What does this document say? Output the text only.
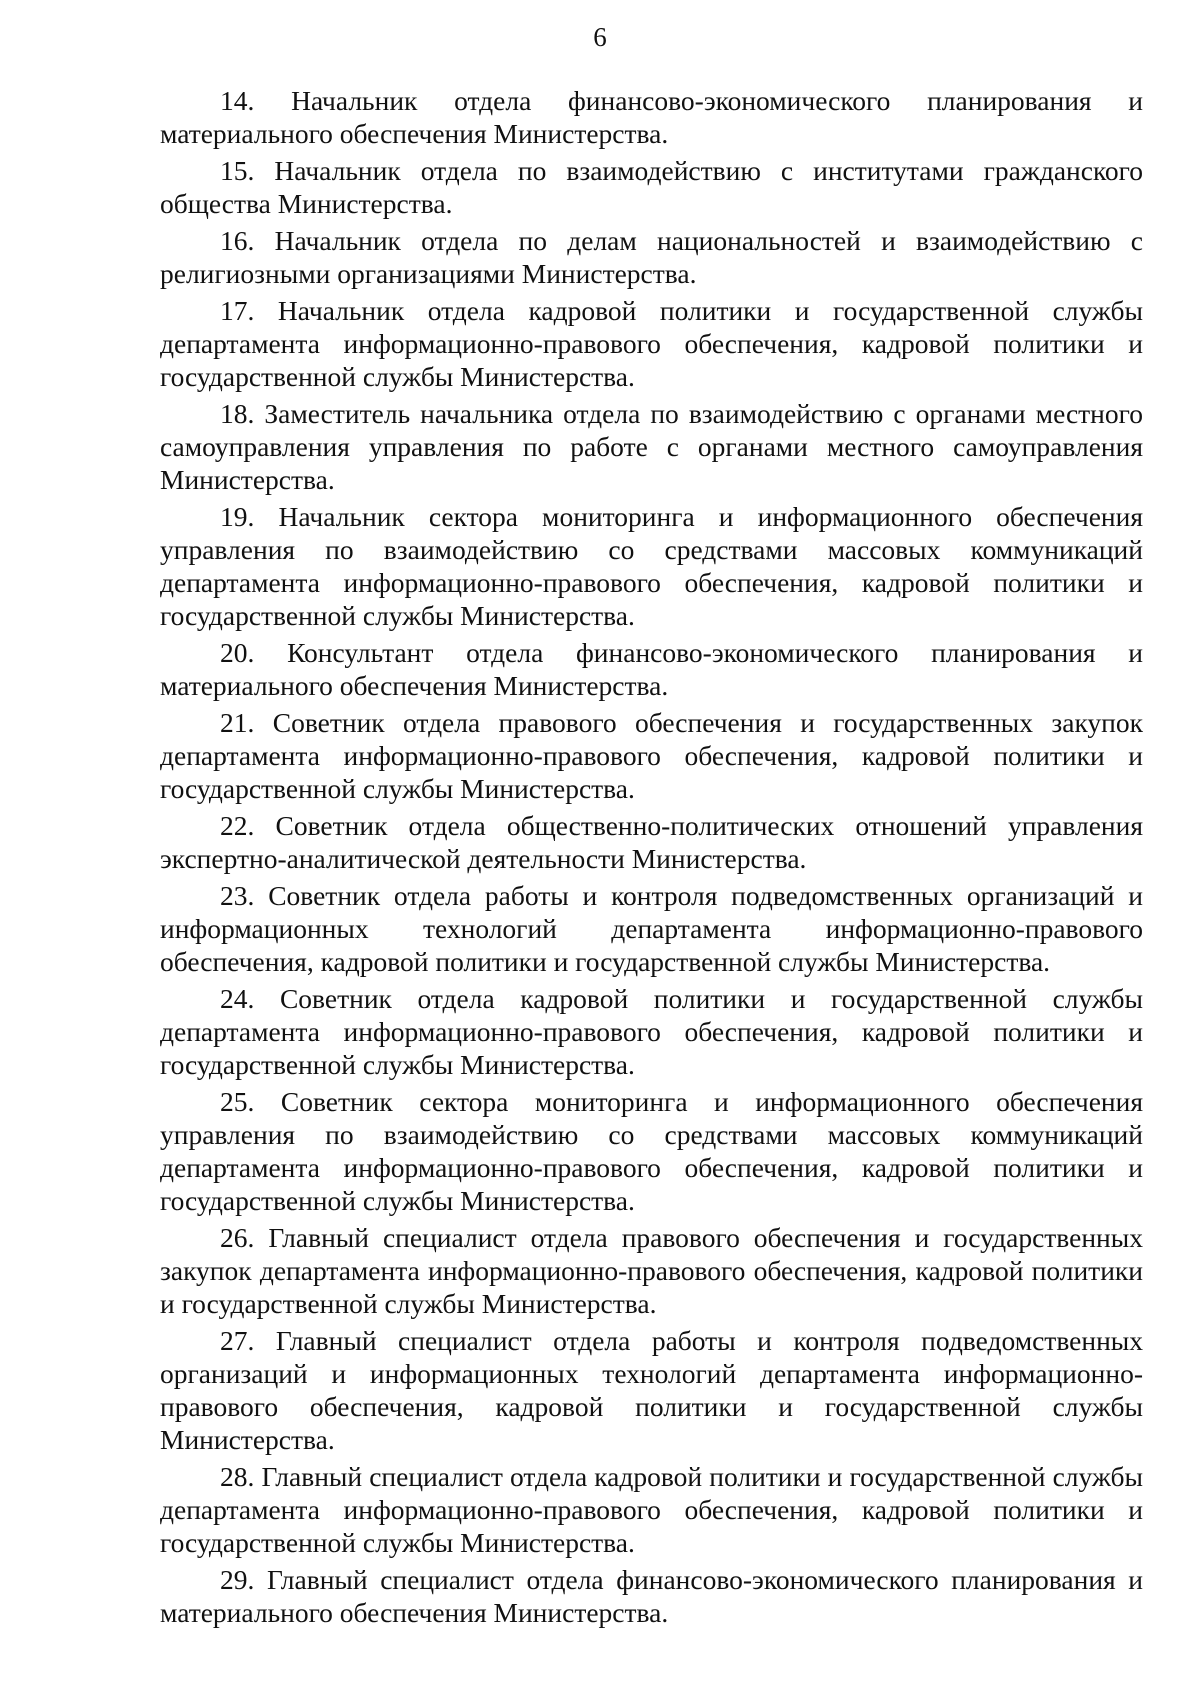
6

14. Начальник отдела финансово-экономического планирования и материального обеспечения Министерства.

15. Начальник отдела по взаимодействию с институтами гражданского общества Министерства.

16. Начальник отдела по делам национальностей и взаимодействию с религиозными организациями Министерства.

17. Начальник отдела кадровой политики и государственной службы департамента информационно-правового обеспечения, кадровой политики и государственной службы Министерства.

18. Заместитель начальника отдела по взаимодействию с органами местного самоуправления управления по работе с органами местного самоуправления Министерства.

19. Начальник сектора мониторинга и информационного обеспечения управления по взаимодействию со средствами массовых коммуникаций департамента информационно-правового обеспечения, кадровой политики и государственной службы Министерства.

20. Консультант отдела финансово-экономического планирования и материального обеспечения Министерства.

21. Советник отдела правового обеспечения и государственных закупок департамента информационно-правового обеспечения, кадровой политики и государственной службы Министерства.

22. Советник отдела общественно-политических отношений управления экспертно-аналитической деятельности Министерства.

23. Советник отдела работы и контроля подведомственных организаций и информационных технологий департамента информационно-правового обеспечения, кадровой политики и государственной службы Министерства.

24. Советник отдела кадровой политики и государственной службы департамента информационно-правового обеспечения, кадровой политики и государственной службы Министерства.

25. Советник сектора мониторинга и информационного обеспечения управления по взаимодействию со средствами массовых коммуникаций департамента информационно-правового обеспечения, кадровой политики и государственной службы Министерства.

26. Главный специалист отдела правового обеспечения и государственных закупок департамента информационно-правового обеспечения, кадровой политики и государственной службы Министерства.

27. Главный специалист отдела работы и контроля подведомственных организаций и информационных технологий департамента информационно-правового обеспечения, кадровой политики и государственной службы Министерства.

28. Главный специалист отдела кадровой политики и государственной службы департамента информационно-правового обеспечения, кадровой политики и государственной службы Министерства.

29. Главный специалист отдела финансово-экономического планирования и материального обеспечения Министерства.
